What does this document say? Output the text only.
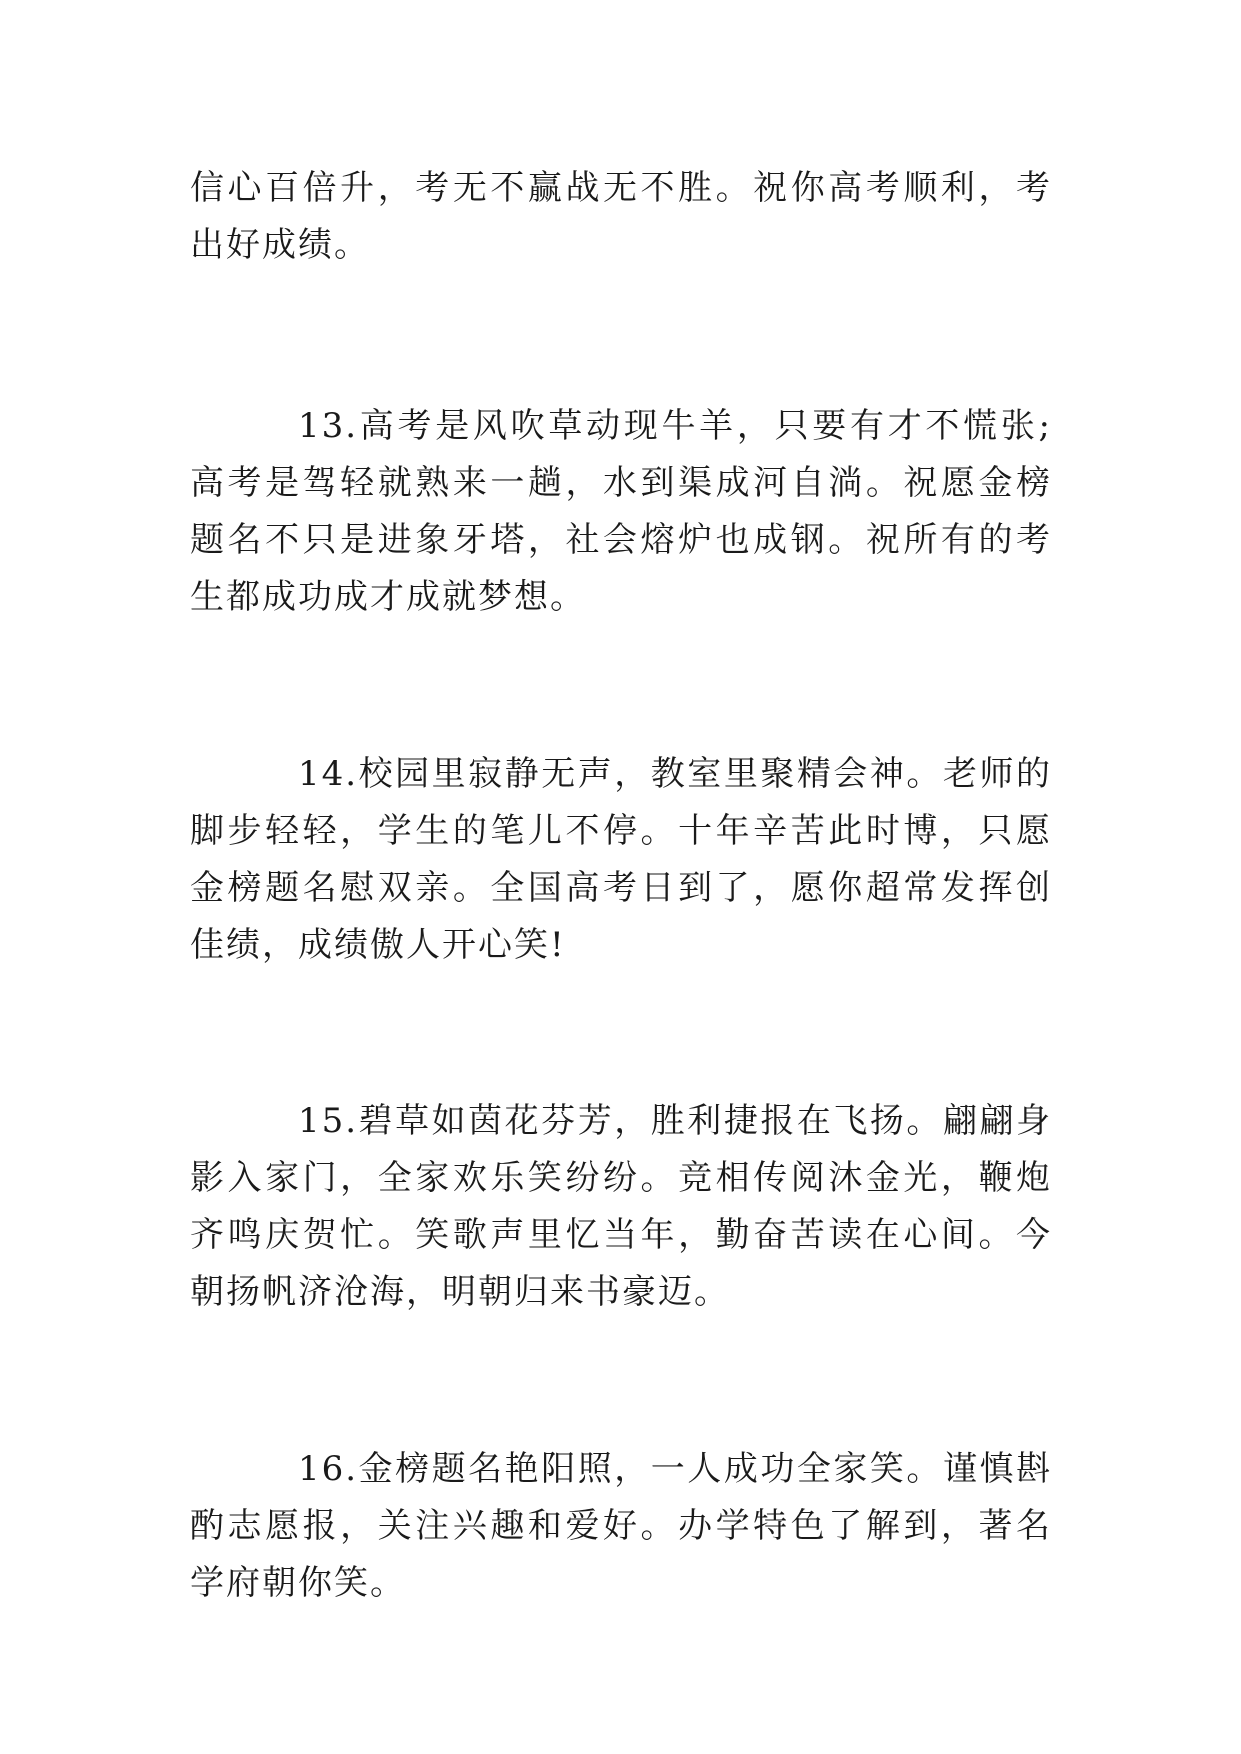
信心百倍升，考无不赢战无不胜。祝你高考顺利，考出好成绩。

13.高考是风吹草动现牛羊，只要有才不慌张;高考是驾轻就熟来一趟，水到渠成河自淌。祝愿金榜题名不只是进象牙塔，社会熔炉也成钢。祝所有的考生都成功成才成就梦想。

14.校园里寂静无声，教室里聚精会神。老师的脚步轻轻，学生的笔儿不停。十年辛苦此时博，只愿金榜题名慰双亲。全国高考日到了，愿你超常发挥创佳绩，成绩傲人开心笑!

15.碧草如茵花芬芳，胜利捷报在飞扬。翩翩身影入家门，全家欢乐笑纷纷。竞相传阅沐金光，鞭炮齐鸣庆贺忙。笑歌声里忆当年，勤奋苦读在心间。今朝扬帆济沧海，明朝归来书豪迈。

16.金榜题名艳阳照，一人成功全家笑。谨慎斟酌志愿报，关注兴趣和爱好。办学特色了解到，著名学府朝你笑。
